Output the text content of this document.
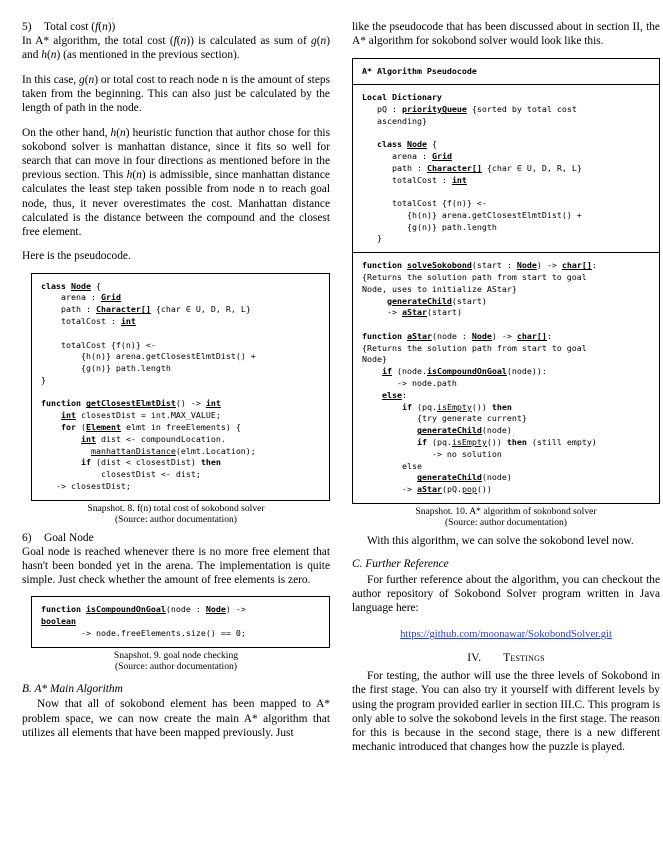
5) Total cost (f(n))

In A* algorithm, the total cost (f(n)) is calculated as sum of g(n) and h(n) (as mentioned in the previous section).

In this case, g(n) or total cost to reach node n is the amount of steps taken from the beginning. This can also just be calculated by the length of path in the node.

On the other hand, h(n) heuristic function that author chose for this sokobond solver is manhattan distance, since it fits so well for search that can move in four directions as mentioned before in the previous section. This h(n) is admissible, since manhattan distance calculates the least step taken possible from node n to reach goal node, thus, it never overestimates the cost. Manhattan distance calculated is the distance between the compound and the closest free element.

Here is the pseudocode.

class Node {
arena : Grid
path : Character[] {char ∈ U, D, R, L}
totalCost : int

totalCost {f(n)} <-
{h(n)} arena.getClosestElmtDist() +
{g(n)} path.length
}

function getClosestElmtDist() -> int
int closestDist = int.MAX_VALUE;
for (Element elmt in freeElements) {
int dist <- compoundLocation.
manhattanDistance(elmt.Location);
if (dist < closestDist) then
closestDist <- dist;
-> closestDist;
Snapshot. 8. f(n) total cost of sokobond solver
(Source: author documentation)
6) Goal Node

Goal node is reached whenever there is no more free element that hasn't been bonded yet in the arena. The implementation is quite simple. Just check whether the amount of free elements is zero.

function isCompoundOnGoal(node : Node) ->
boolean
-> node.freeElements.size() == 0;
Snapshot. 9. goal node checking
(Source: author documentation)
B. A* Main Algorithm

Now that all of sokobond element has been mapped to A* problem space, we can now create the main A* algorithm that utilizes all elements that have been mapped previously. Just

like the pseudocode that has been discussed about in section II, the A* algorithm for sokobond solver would look like this.

A* Algorithm Pseudocode
Local Dictionary
pQ : priorityQueue {sorted by total cost
ascending}

class Node {
arena : Grid
path : Character[] {char ∈ U, D, R, L}
totalCost : int

totalCost {f(n)} <-
{h(n)} arena.getClosestElmtDist() +
{g(n)} path.length
}
function solveSokobond(start : Node) -> char[]:
{Returns the solution path from start to goal
Node, uses to initialize AStar}
generateChild(start)
-> aStar(start)

function aStar(node : Node) -> char[]:
{Returns the solution path from start to goal
Node}
if (node.isCompoundOnGoal(node)):
-> node.path
else:
if (pq.isEmpty()) then
{try generate current}
generateChild(node)
if (pq.isEmpty()) then (still empty)
-> no solution
else
generateChild(node)
-> aStar(pQ.pop())
Snapshot. 10. A* algorithm of sokobond solver
(Source: author documentation)

With this algorithm, we can solve the sokobond level now.

C. Further Reference

For further reference about the algorithm, you can checkout the author repository of Sokobond Solver program written in Java language here:

https://github.com/moonawar/SokobondSolver.git
IV. Testings

For testing, the author will use the three levels of Sokobond in the first stage. You can also try it yourself with different levels by using the program provided earlier in section III.C. This program is only able to solve the sokobond levels in the first stage. The reason for this is because in the second stage, there is a new different mechanic introduced that changes how the puzzle is played.
